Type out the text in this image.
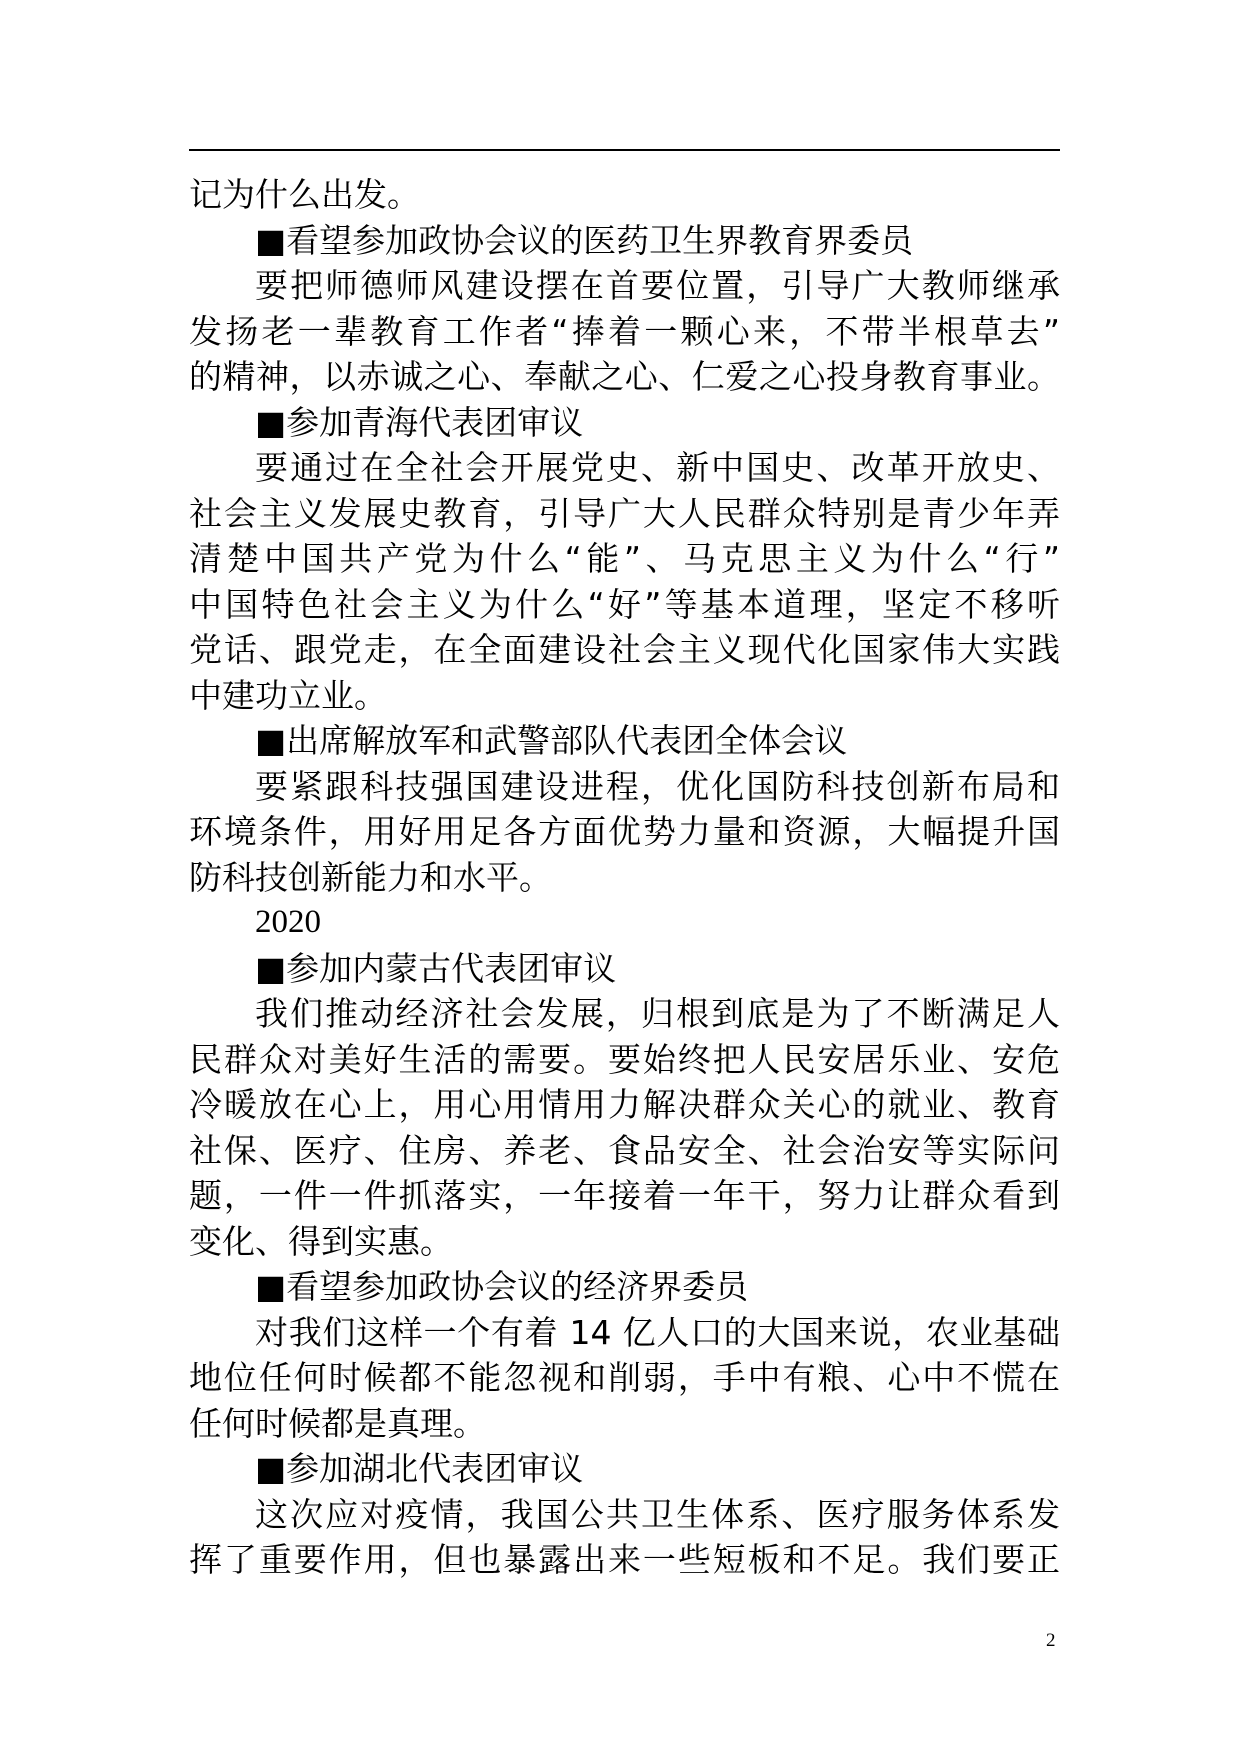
记为什么出发。
■看望参加政协会议的医药卫生界教育界委员
要把师德师风建设摆在首要位置，引导广大教师继承
发扬老一辈教育工作者“捧着一颗心来，不带半根草去”
的精神，以赤诚之心、奉献之心、仁爱之心投身教育事业。
■参加青海代表团审议
要通过在全社会开展党史、新中国史、改革开放史、
社会主义发展史教育，引导广大人民群众特别是青少年弄
清楚中国共产党为什么“能”、马克思主义为什么“行”
中国特色社会主义为什么“好”等基本道理，坚定不移听
党话、跟党走，在全面建设社会主义现代化国家伟大实践
中建功立业。
■出席解放军和武警部队代表团全体会议
要紧跟科技强国建设进程，优化国防科技创新布局和
环境条件，用好用足各方面优势力量和资源，大幅提升国
防科技创新能力和水平。
2020
■参加内蒙古代表团审议
我们推动经济社会发展，归根到底是为了不断满足人
民群众对美好生活的需要。要始终把人民安居乐业、安危
冷暖放在心上，用心用情用力解决群众关心的就业、教育
社保、医疗、住房、养老、食品安全、社会治安等实际问
题，一件一件抓落实，一年接着一年干，努力让群众看到
变化、得到实惠。
■看望参加政协会议的经济界委员
对我们这样一个有着 14 亿人口的大国来说，农业基础
地位任何时候都不能忽视和削弱，手中有粮、心中不慌在
任何时候都是真理。
■参加湖北代表团审议
这次应对疫情，我国公共卫生体系、医疗服务体系发
挥了重要作用，但也暴露出来一些短板和不足。我们要正
2
